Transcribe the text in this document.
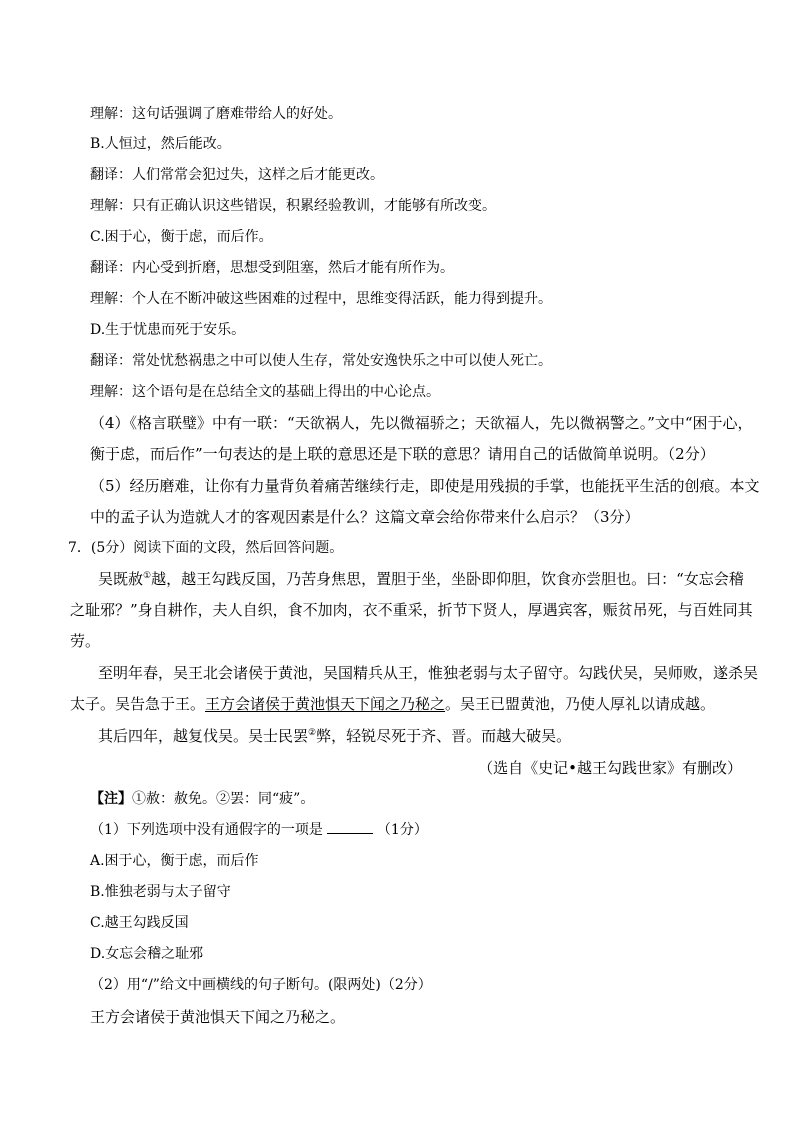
理解：这句话强调了磨难带给人的好处。
B.人恒过，然后能改。
翻译：人们常常会犯过失，这样之后才能更改。
理解：只有正确认识这些错误，积累经验教训，才能够有所改变。
C.困于心，衡于虑，而后作。
翻译：内心受到折磨，思想受到阻塞，然后才能有所作为。
理解：个人在不断冲破这些困难的过程中，思维变得活跃，能力得到提升。
D.生于忧患而死于安乐。
翻译：常处忧愁祸患之中可以使人生存，常处安逸快乐之中可以使人死亡。
理解：这个语句是在总结全文的基础上得出的中心论点。
（4）《格言联璧》中有一联：“天欲祸人，先以微福骄之；天欲福人，先以微祸警之。”文中“困于心，
衡于虑，而后作”一句表达的是上联的意思还是下联的意思？请用自己的话做简单说明。（2分）
（5）经历磨难，让你有力量背负着痛苦继续行走，即使是用残损的手掌，也能抚平生活的创痕。本文
中的孟子认为造就人才的客观因素是什么？这篇文章会给你带来什么启示？（3分）
7．(5分）阅读下面的文段，然后回答问题。
吴既赦①越，越王勾践反国，乃苦身焦思，置胆于坐，坐卧即仰胆，饮食亦尝胆也。曰：“女忘会稽
之耻邪？”身自耕作，夫人自织，食不加肉，衣不重采，折节下贤人，厚遇宾客，赈贫吊死，与百姓同其
劳。
至明年春，吴王北会诸侯于黄池，吴国精兵从王，惟独老弱与太子留守。勾践伏吴，吴师败，遂杀吴
太子。吴告急于王。王方会诸侯于黄池惧天下闻之乃秘之。吴王已盟黄池，乃使人厚礼以请成越。
其后四年，越复伐吴。吴士民罢②弊，轻锐尽死于齐、晋。而越大破吴。
（选自《史记•越王勾践世家》有删改）
【注】①赦：赦免。②罢：同“疲”。
（1）下列选项中没有通假字的一项是	（1分）
A.困于心，衡于虑，而后作
B.惟独老弱与太子留守
C.越王勾践反国
D.女忘会稽之耻邪
（2）用“/”给文中画横线的句子断句。(限两处)（2分）
王方会诸侯于黄池惧天下闻之乃秘之。
